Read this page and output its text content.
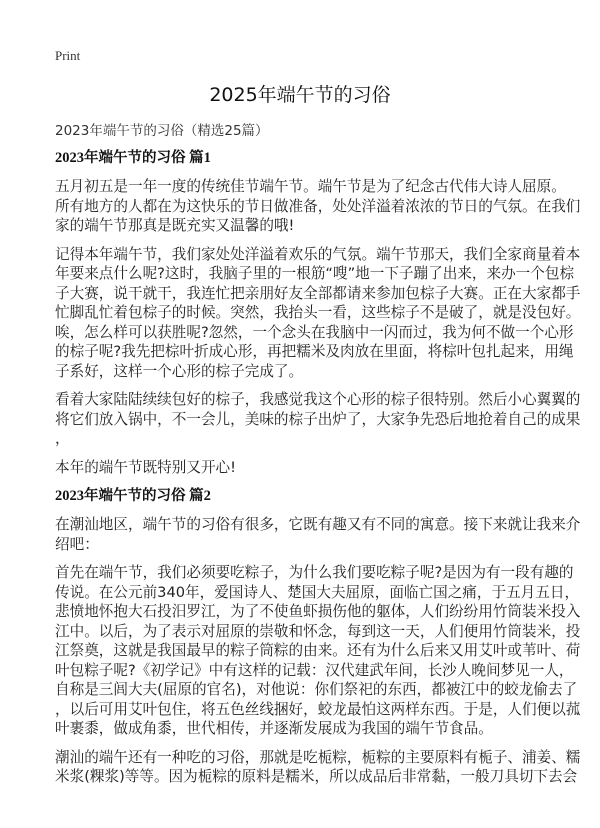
Print
2025年端午节的习俗
2023年端午节的习俗（精选25篇）
2023年端午节的习俗 篇1
五月初五是一年一度的传统佳节端午节。端午节是为了纪念古代伟大诗人屈原。
所有地方的人都在为这快乐的节日做准备，处处洋溢着浓浓的节日的气氛。在我们
家的端午节那真是既充实又温馨的哦!
记得本年端午节，我们家处处洋溢着欢乐的气氛。端午节那天，我们全家商量着本
年要来点什么呢?这时，我脑子里的一根筋“嗖”地一下子蹦了出来，来办一个包棕
子大赛，说干就干，我连忙把亲朋好友全部都请来参加包棕子大赛。正在大家都手
忙脚乱忙着包棕子的时候。突然，我抬头一看，这些棕子不是破了，就是没包好。
唉，怎么样可以获胜呢?忽然，一个念头在我脑中一闪而过，我为何不做一个心形
的棕子呢?我先把棕叶折成心形，再把糯米及肉放在里面，将棕叶包扎起来，用绳
子系好，这样一个心形的棕子完成了。
看着大家陆陆续续包好的棕子，我感觉我这个心形的棕子很特别。然后小心翼翼的
将它们放入锅中，不一会儿，美味的棕子出炉了，大家争先恐后地抢着自己的成果
，
本年的端午节既特别又开心!
2023年端午节的习俗 篇2
在潮汕地区，端午节的习俗有很多，它既有趣又有不同的寓意。接下来就让我来介
绍吧：
首先在端午节，我们必须要吃粽子，为什么我们要吃粽子呢?是因为有一段有趣的
传说。在公元前340年，爱国诗人、楚国大夫屈原，面临亡国之痛，于五月五日，
悲愤地怀抱大石投汨罗江，为了不使鱼虾损伤他的躯体，人们纷纷用竹筒装米投入
江中。以后，为了表示对屈原的崇敬和怀念，每到这一天，人们便用竹筒装米，投
江祭奠，这就是我国最早的粽子筒粽的由来。还有为什么后来又用艾叶或苇叶、荷
叶包粽子呢?《初学记》中有这样的记载：汉代建武年间，长沙人晚间梦见一人，
自称是三闾大夫(屈原的官名)，对他说：你们祭祀的东西，都被江中的蛟龙偷去了
，以后可用艾叶包住，将五色丝线捆好，蛟龙最怕这两样东西。于是，人们便以菰
叶裹黍，做成角黍，世代相传，并逐渐发展成为我国的端午节食品。
潮汕的端午还有一种吃的习俗，那就是吃栀粽，栀粽的主要原料有栀子、浦姜、糯
米浆(粿浆)等等。因为栀粽的原料是糯米，所以成品后非常黏，一般刀具切下去会
